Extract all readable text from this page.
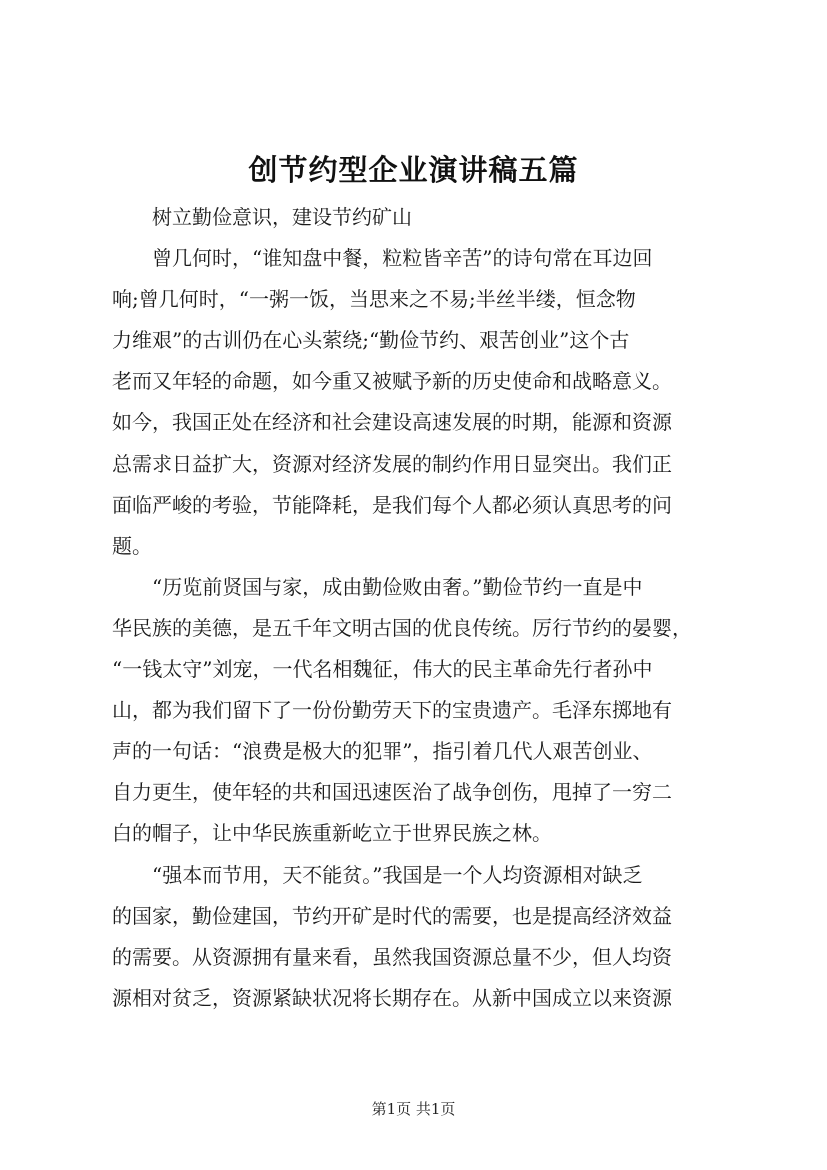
创节约型企业演讲稿五篇
树立勤俭意识，建设节约矿山
曾几何时，“谁知盘中餐，粒粒皆辛苦”的诗句常在耳边回
响;曾几何时，“一粥一饭，当思来之不易;半丝半缕，恒念物
力维艰”的古训仍在心头萦绕;“勤俭节约、艰苦创业”这个古
老而又年轻的命题，如今重又被赋予新的历史使命和战略意义。
如今，我国正处在经济和社会建设高速发展的时期，能源和资源
总需求日益扩大，资源对经济发展的制约作用日显突出。我们正
面临严峻的考验，节能降耗，是我们每个人都必须认真思考的问
题。
“历览前贤国与家，成由勤俭败由奢。”勤俭节约一直是中
华民族的美德，是五千年文明古国的优良传统。厉行节约的晏婴，
“一钱太守”刘宠，一代名相魏征，伟大的民主革命先行者孙中
山，都为我们留下了一份份勤劳天下的宝贵遗产。毛泽东掷地有
声的一句话：“浪费是极大的犯罪”，指引着几代人艰苦创业、
自力更生，使年轻的共和国迅速医治了战争创伤，甩掉了一穷二
白的帽子，让中华民族重新屹立于世界民族之林。
“强本而节用，天不能贫。”我国是一个人均资源相对缺乏
的国家，勤俭建国，节约开矿是时代的需要，也是提高经济效益
的需要。从资源拥有量来看，虽然我国资源总量不少，但人均资
源相对贫乏，资源紧缺状况将长期存在。从新中国成立以来资源
第1页 共1页
